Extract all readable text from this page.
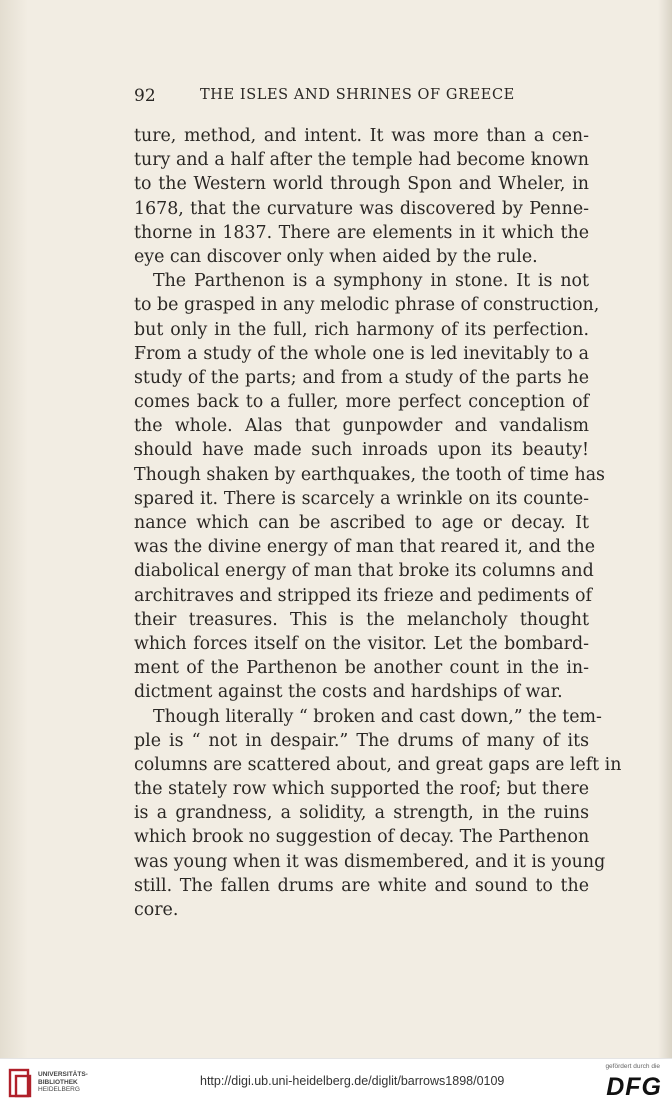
92	THE ISLES AND SHRINES OF GREECE
ture, method, and intent. It was more than a cen-
tury and a half after the temple had become known
to the Western world through Spon and Wheler, in
1678, that the curvature was discovered by Penne-
thorne in 1837. There are elements in it which the
eye can discover only when aided by the rule.
The Parthenon is a symphony in stone. It is not
to be grasped in any melodic phrase of construction,
but only in the full, rich harmony of its perfection.
From a study of the whole one is led inevitably to a
study of the parts; and from a study of the parts he
comes back to a fuller, more perfect conception of
the whole. Alas that gunpowder and vandalism
should have made such inroads upon its beauty!
Though shaken by earthquakes, the tooth of time has
spared it. There is scarcely a wrinkle on its counte-
nance which can be ascribed to age or decay. It
was the divine energy of man that reared it, and the
diabolical energy of man that broke its columns and
architraves and stripped its frieze and pediments of
their treasures. This is the melancholy thought
which forces itself on the visitor. Let the bombard-
ment of the Parthenon be another count in the in-
dictment against the costs and hardships of war.
Though literally “ broken and cast down,” the tem-
ple is “ not in despair.” The drums of many of its
columns are scattered about, and great gaps are left in
the stately row which supported the roof; but there
is a grandness, a solidity, a strength, in the ruins
which brook no suggestion of decay. The Parthenon
was young when it was dismembered, and it is young
still. The fallen drums are white and sound to the
core.
UNIVERSITÄTS-
BIBLIOTHEK
HEIDELBERG
http://digi.ub.uni-heidelberg.de/diglit/barrows1898/0109
gefördert durch die
DFG
